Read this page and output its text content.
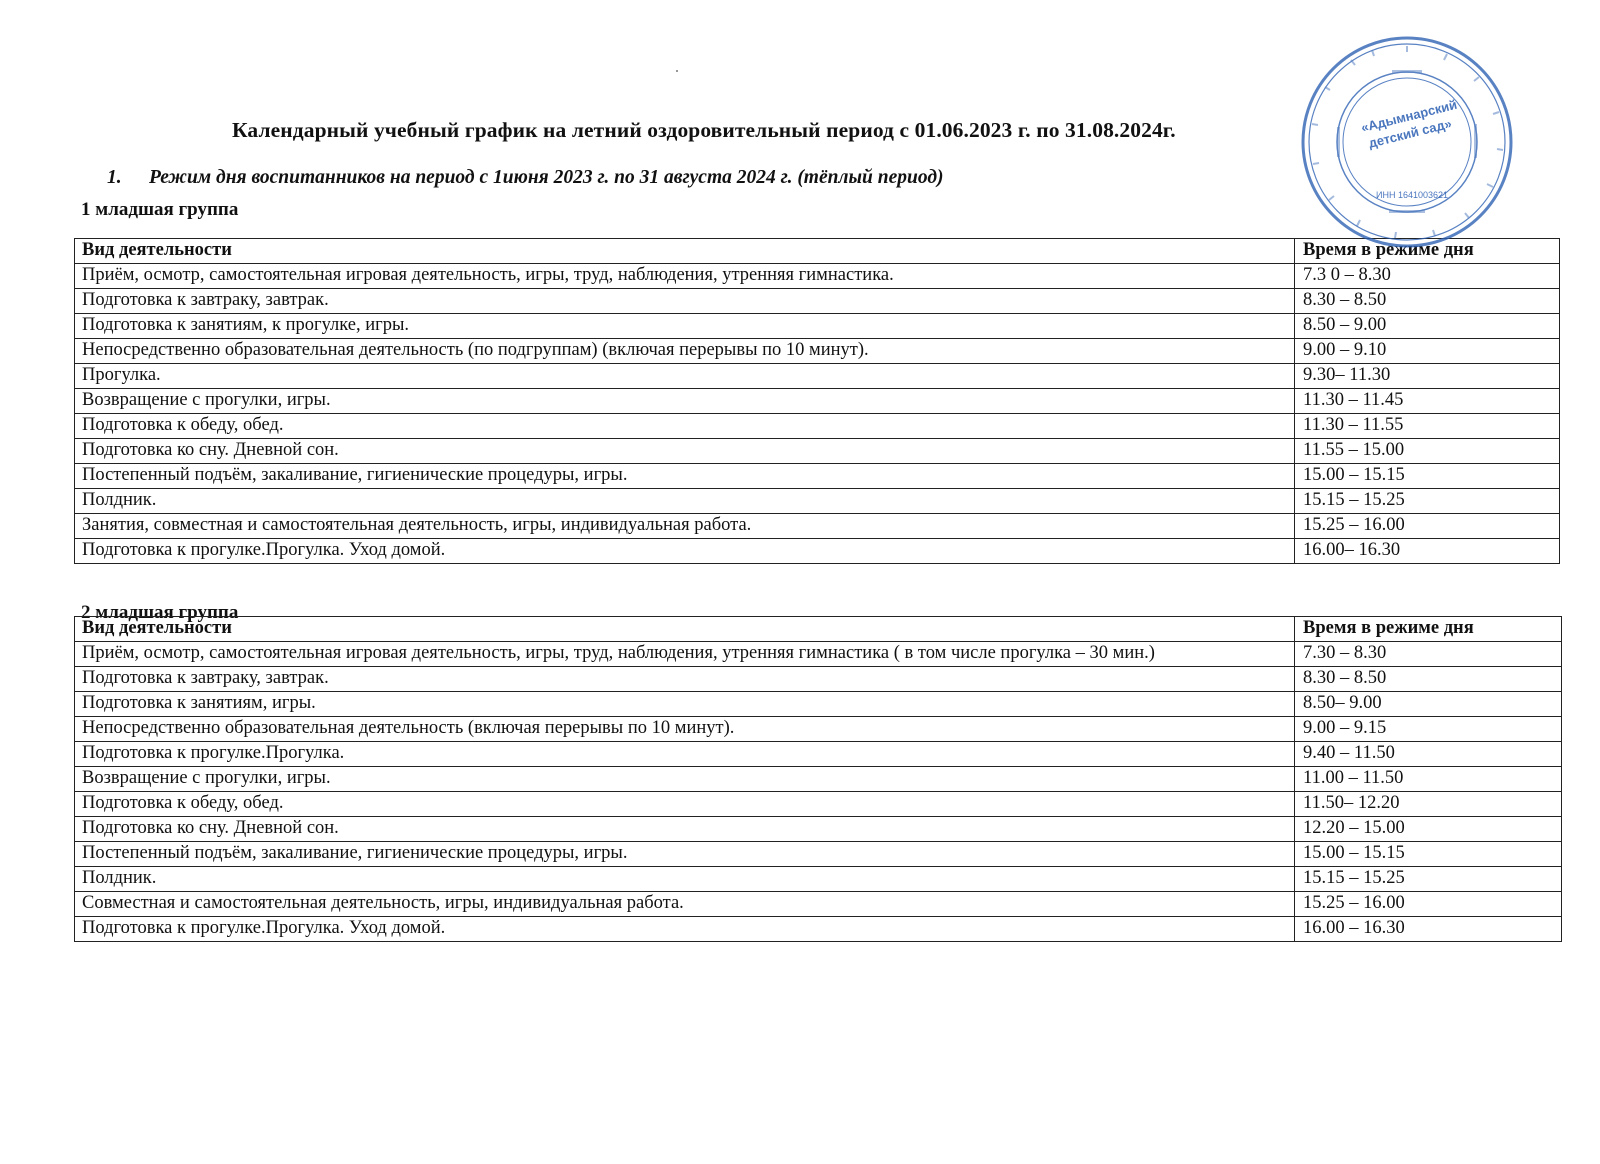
Календарный учебный график на летний оздоровительный период с 01.06.2023 г. по 31.08.2024г.
1. Режим дня воспитанников на период с 1июня 2023 г. по 31 августа 2024 г. (тёплый период)
1 младшая группа
Вид деятельности	Время в режиме дня
Приём, осмотр, самостоятельная игровая деятельность, игры, труд, наблюдения, утренняя гимнастика.	7.3 0 – 8.30
Подготовка к завтраку, завтрак.	8.30 – 8.50
Подготовка к занятиям, к прогулке, игры.	8.50 – 9.00
Непосредственно образовательная деятельность (по подгруппам) (включая перерывы по 10 минут).	9.00 – 9.10
Прогулка.	9.30– 11.30
Возвращение с прогулки, игры.	11.30 – 11.45
Подготовка к обеду, обед.	11.30 – 11.55
Подготовка ко сну. Дневной сон.	11.55 – 15.00
Постепенный подъём, закаливание, гигиенические процедуры, игры.	15.00 – 15.15
Полдник.	15.15 – 15.25
Занятия, совместная и самостоятельная деятельность, игры, индивидуальная работа.	15.25 – 16.00
Подготовка к прогулке.Прогулка. Уход домой.	16.00– 16.30
2 младшая группа
Вид деятельности	Время в режиме дня
Приём, осмотр, самостоятельная игровая деятельность, игры, труд, наблюдения, утренняя гимнастика ( в том числе прогулка – 30 мин.)	7.30 – 8.30
Подготовка к завтраку, завтрак.	8.30 – 8.50
Подготовка к занятиям, игры.	8.50– 9.00
Непосредственно образовательная деятельность (включая перерывы по 10 минут).	9.00 – 9.15
Подготовка к прогулке.Прогулка.	9.40 – 11.50
Возвращение с прогулки, игры.	11.00 – 11.50
Подготовка к обеду, обед.	11.50– 12.20
Подготовка ко сну. Дневной сон.	12.20 – 15.00
Постепенный подъём, закаливание, гигиенические процедуры, игры.	15.00 – 15.15
Полдник.	15.15 – 15.25
Совместная и самостоятельная деятельность, игры, индивидуальная работа.	15.25 – 16.00
Подготовка к прогулке.Прогулка. Уход домой.	16.00 – 16.30
«Адымнарский детский сад»
ИНН 1641003621
